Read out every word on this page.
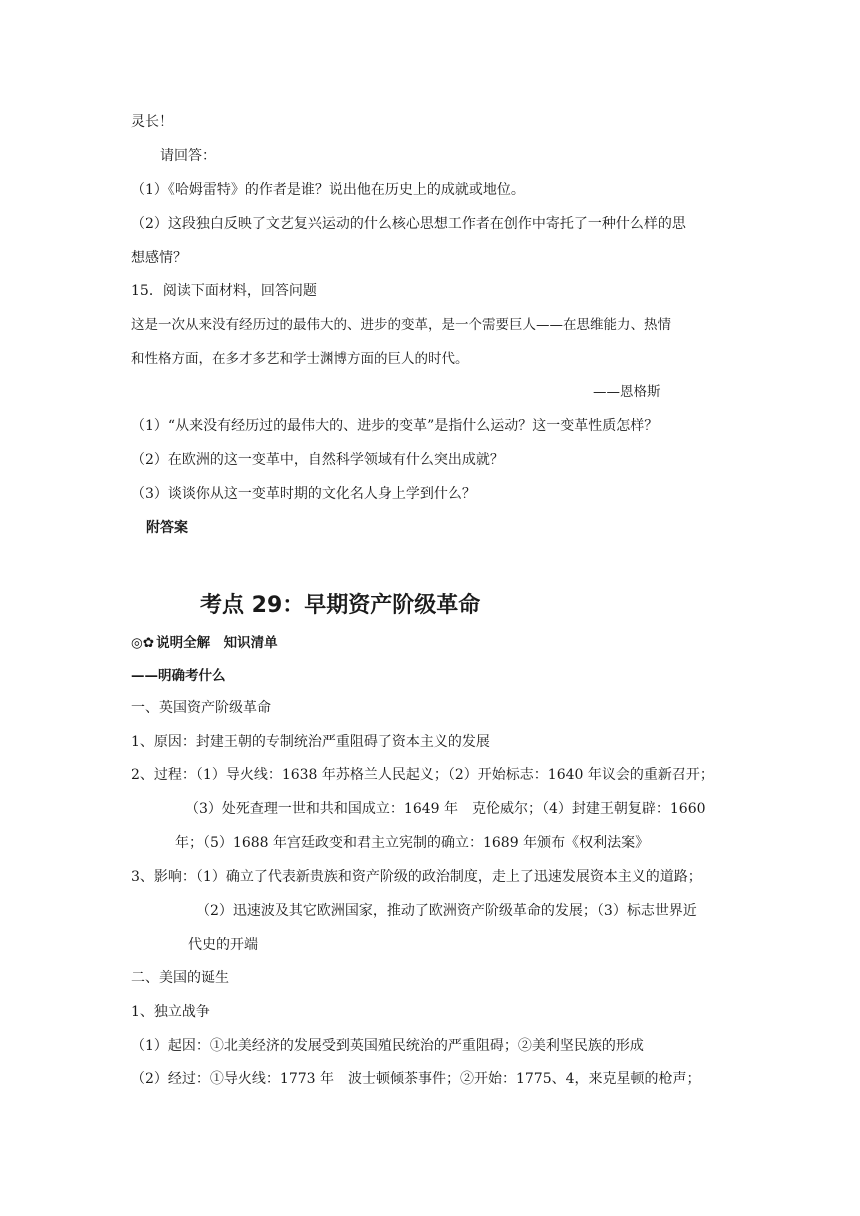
灵长！
请回答：
（1）《哈姆雷特》的作者是谁？说出他在历史上的成就或地位。
（2）这段独白反映了文艺复兴运动的什么核心思想工作者在创作中寄托了一种什么样的思
想感情？
15．阅读下面材料，回答问题
这是一次从来没有经历过的最伟大的、进步的变革，是一个需要巨人——在思维能力、热情
和性格方面，在多才多艺和学士渊博方面的巨人的时代。
——恩格斯
（1）“从来没有经历过的最伟大的、进步的变革”是指什么运动？这一变革性质怎样？
（2）在欧洲的这一变革中，自然科学领域有什么突出成就？
（3）谈谈你从这一变革时期的文化名人身上学到什么？
附答案
考点 29：早期资产阶级革命
◎✿ 说明全解　知识清单
——明确考什么
一、英国资产阶级革命
1、原因：封建王朝的专制统治严重阻碍了资本主义的发展
2、过程：（1）导火线：1638 年苏格兰人民起义；（2）开始标志：1640 年议会的重新召开；
（3）处死查理一世和共和国成立：1649 年　克伦威尔；（4）封建王朝复辟：1660
年；（5）1688 年宫廷政变和君主立宪制的确立：1689 年颁布《权利法案》
3、影响：（1）确立了代表新贵族和资产阶级的政治制度，走上了迅速发展资本主义的道路；
（2）迅速波及其它欧洲国家，推动了欧洲资产阶级革命的发展；（3）标志世界近
代史的开端
二、美国的诞生
1、独立战争
（1）起因：①北美经济的发展受到英国殖民统治的严重阻碍；②美利坚民族的形成
（2）经过：①导火线：1773 年　波士顿倾茶事件；②开始：1775、4，来克星顿的枪声；
